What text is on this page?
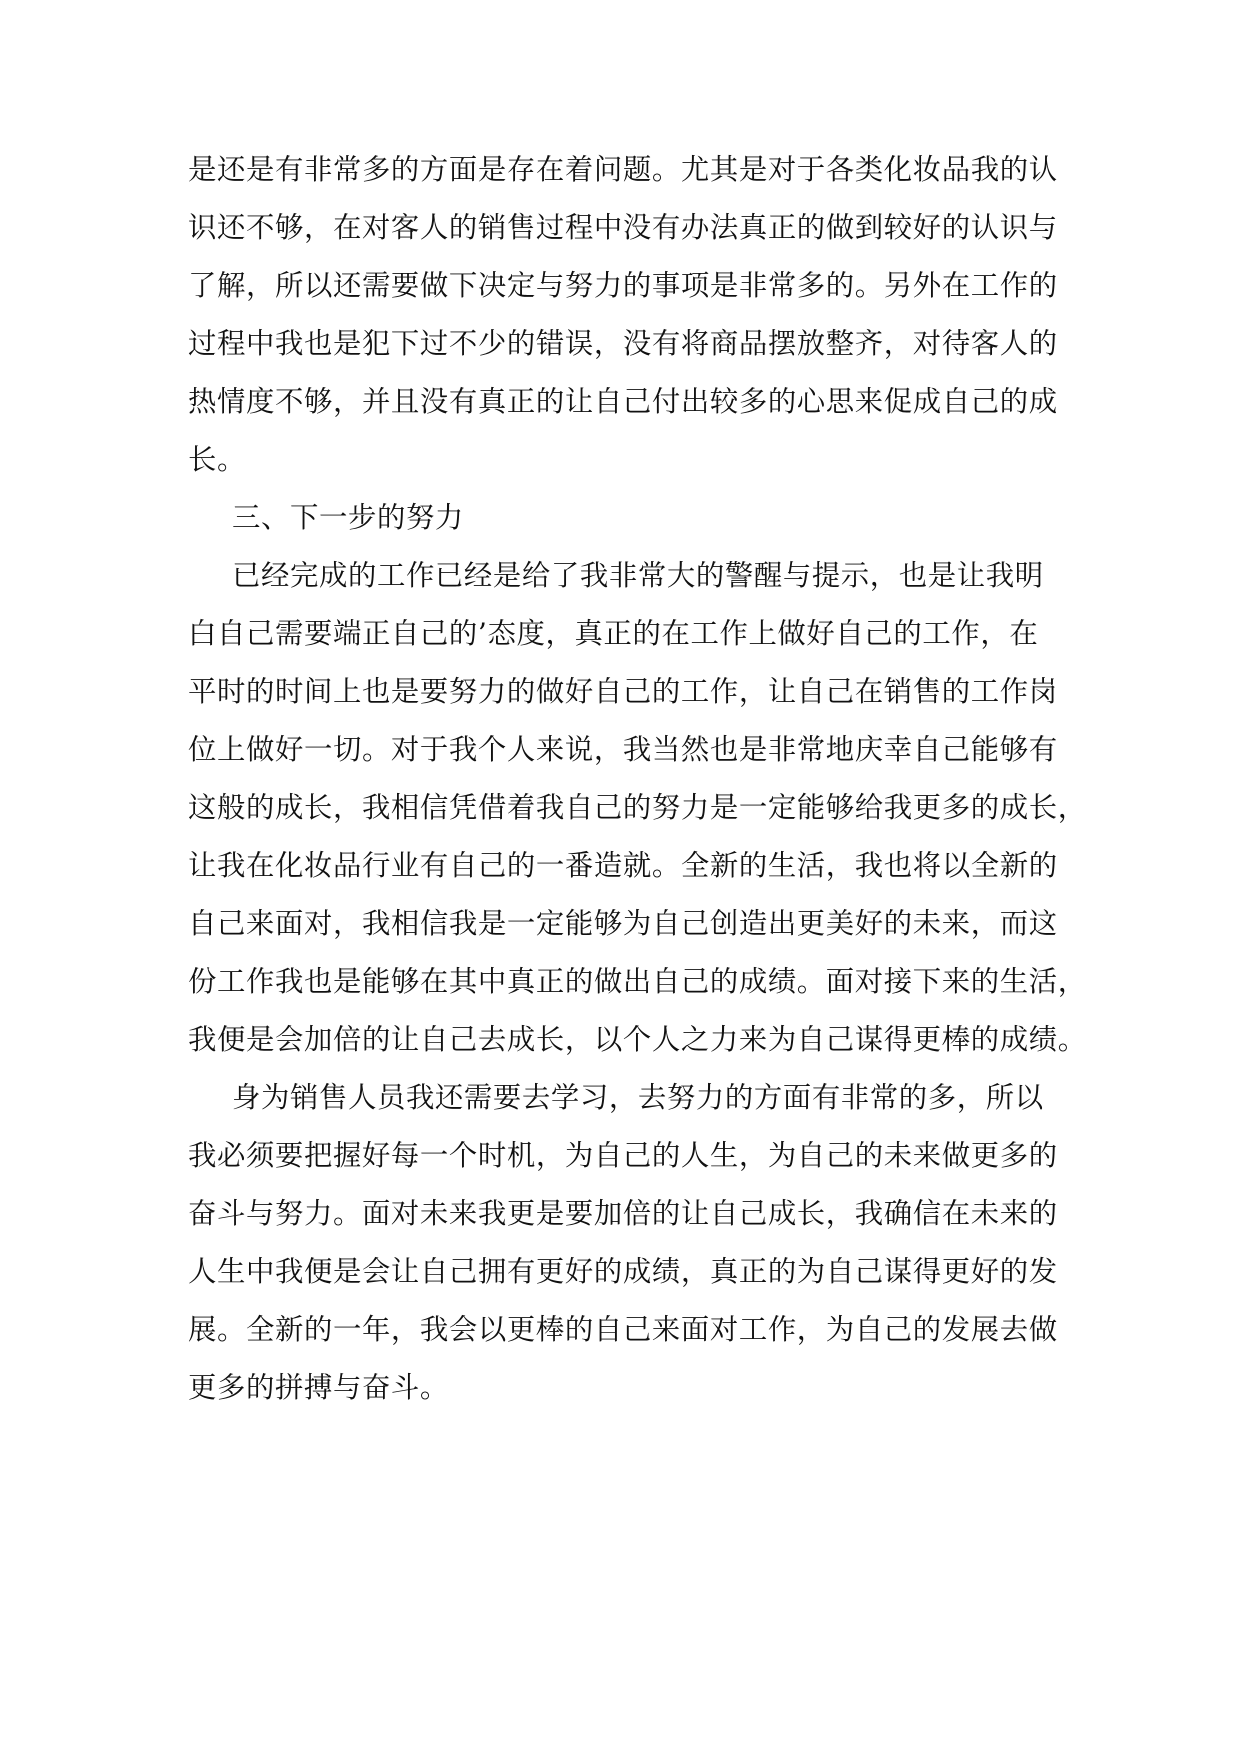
是还是有非常多的方面是存在着问题。尤其是对于各类化妆品我的认
识还不够，在对客人的销售过程中没有办法真正的做到较好的认识与
了解，所以还需要做下决定与努力的事项是非常多的。另外在工作的
过程中我也是犯下过不少的错误，没有将商品摆放整齐，对待客人的
热情度不够，并且没有真正的让自己付出较多的心思来促成自己的成
长。
三、下一步的努力
已经完成的工作已经是给了我非常大的警醒与提示，也是让我明
白自己需要端正自己的’态度，真正的在工作上做好自己的工作，在
平时的时间上也是要努力的做好自己的工作，让自己在销售的工作岗
位上做好一切。对于我个人来说，我当然也是非常地庆幸自己能够有
这般的成长，我相信凭借着我自己的努力是一定能够给我更多的成长，
让我在化妆品行业有自己的一番造就。全新的生活，我也将以全新的
自己来面对，我相信我是一定能够为自己创造出更美好的未来，而这
份工作我也是能够在其中真正的做出自己的成绩。面对接下来的生活，
我便是会加倍的让自己去成长，以个人之力来为自己谋得更棒的成绩。
身为销售人员我还需要去学习，去努力的方面有非常的多，所以
我必须要把握好每一个时机，为自己的人生，为自己的未来做更多的
奋斗与努力。面对未来我更是要加倍的让自己成长，我确信在未来的
人生中我便是会让自己拥有更好的成绩，真正的为自己谋得更好的发
展。全新的一年，我会以更棒的自己来面对工作，为自己的发展去做
更多的拼搏与奋斗。
